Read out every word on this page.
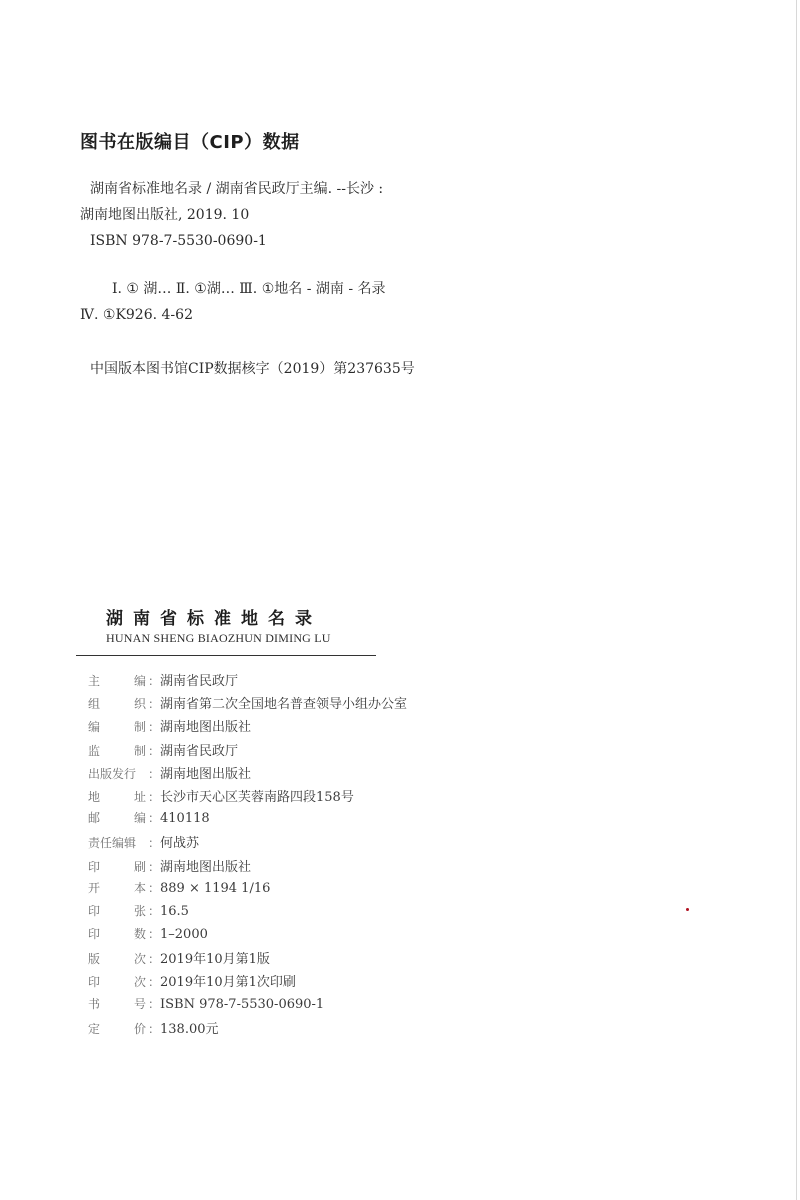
图书在版编目（CIP）数据

湖南省标准地名录 / 湖南省民政厅主编. --长沙 :

湖南地图出版社, 2019. 10

ISBN 978-7-5530-0690-1

Ⅰ. ① 湖… Ⅱ. ①湖… Ⅲ. ①地名 - 湖南 - 名录

Ⅳ. ①K926. 4-62

中国版本图书馆CIP数据核字（2019）第237635号

湖南省标准地名录

HUNAN SHENG BIAOZHUN DIMING LU

主	编 ： 湖南省民政厅
组	织 ： 湖南省第二次全国地名普查领导小组办公室
编	制 ： 湖南地图出版社
监	制 ： 湖南省民政厅
出版发行 ： 湖南地图出版社
地	址 ： 长沙市天心区芙蓉南路四段158号
邮	编 ： 410118
责任编辑 ： 何战苏
印	刷 ： 湖南地图出版社
开	本 ： 889 × 1194 1/16
印	张 ： 16.5
印	数 ： 1–2000
版	次 ： 2019年10月第1版
印	次 ： 2019年10月第1次印刷
书	号 ： ISBN 978-7-5530-0690-1
定	价 ： 138.00元
